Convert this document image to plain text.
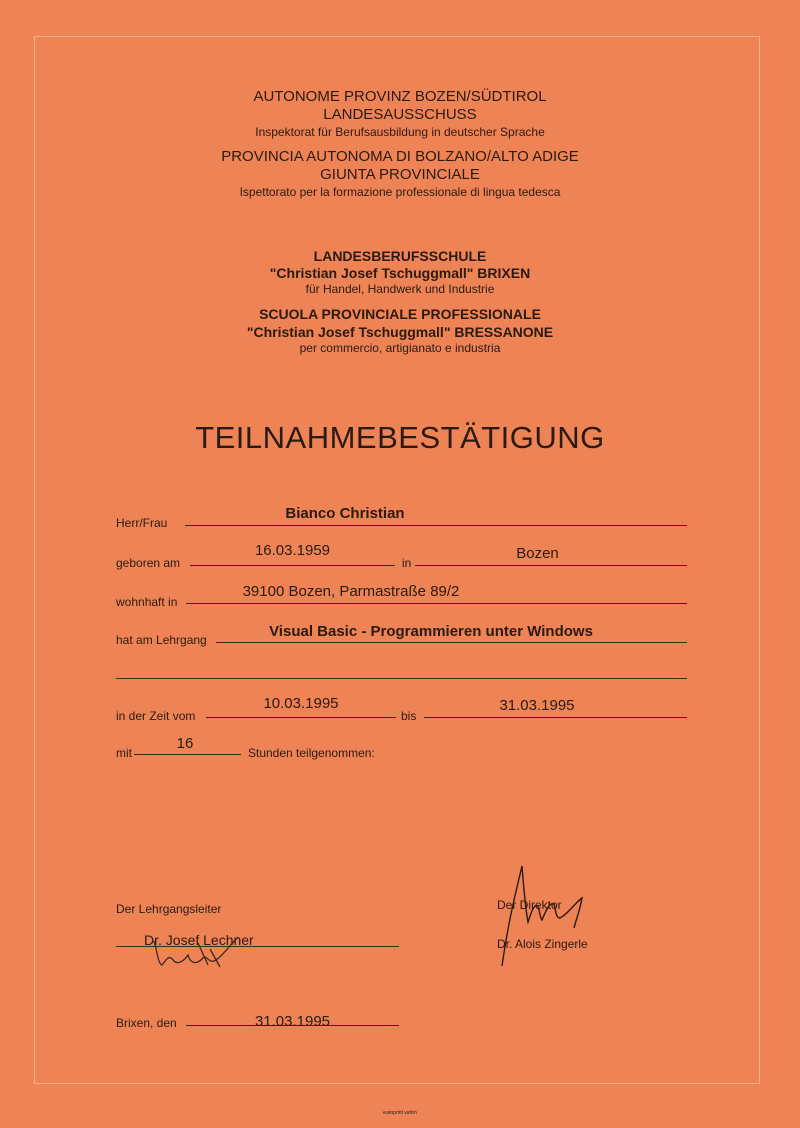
AUTONOME PROVINZ BOZEN/SÜDTIROL
LANDESAUSSCHUSS
Inspektorat für Berufsausbildung in deutscher Sprache
PROVINCIA AUTONOMA DI BOLZANO/ALTO ADIGE
GIUNTA PROVINCIALE
Ispettorato per la formazione professionale di lingua tedesca
LANDESBERUFSSCHULE
"Christian Josef Tschuggmall" BRIXEN
für Handel, Handwerk und Industrie
SCUOLA PROVINCIALE PROFESSIONALE
"Christian Josef Tschuggmall" BRESSANONE
per commercio, artigianato e industria
TEILNAHMEBESTÄTIGUNG
Herr/Frau
Bianco Christian
geboren am
16.03.1959
in
Bozen
wohnhaft in
39100 Bozen, Parmastraße 89/2
hat am Lehrgang	Visual Basic - Programmieren unter Windows
in der Zeit vom
10.03.1995
bis
31.03.1995
mit
16
Stunden teilgenommen:
Der Lehrgangsleiter
Dr. Josef Lechner
Der Direktor
Dr. Alois Zingerle
Brixen, den	31.03.1995
europrint vahrn
